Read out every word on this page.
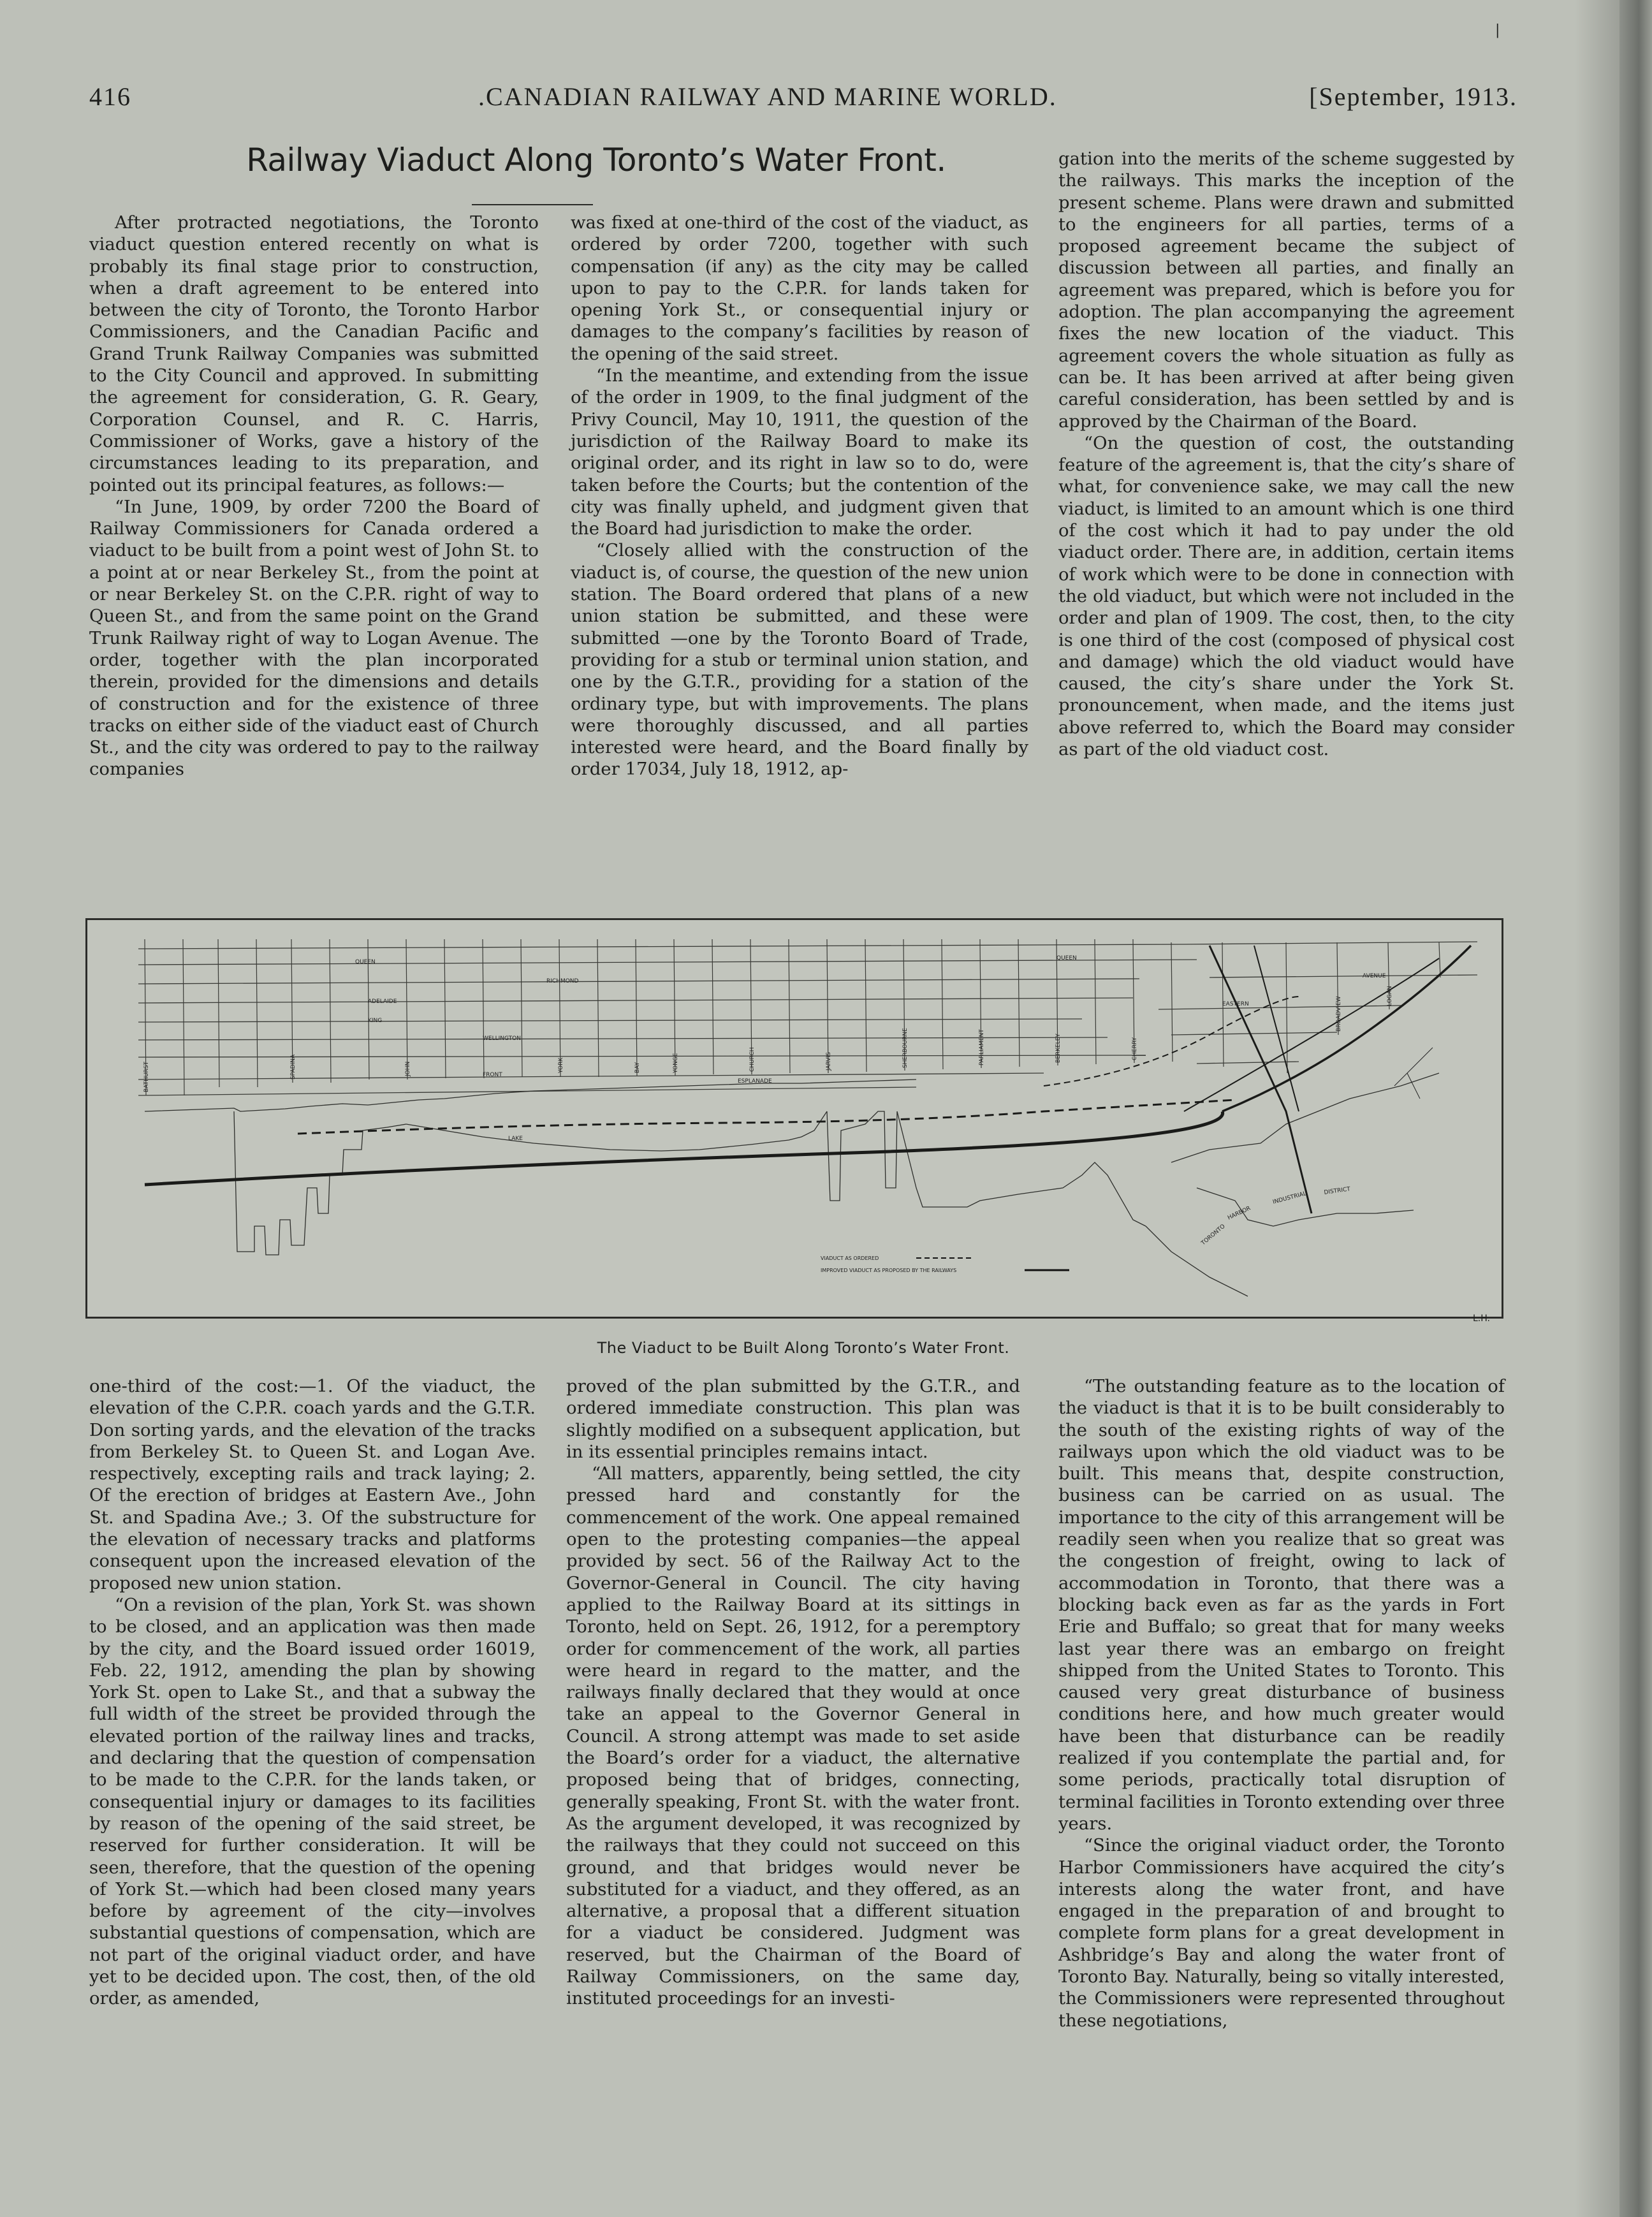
|
416	.CANADIAN RAILWAY AND MARINE WORLD.	[September, 1913.
Railway Viaduct Along Toronto’s Water Front.

After protracted negotiations, the Toronto viaduct question entered recently on what is probably its final stage prior to construction, when a draft agreement to be entered into between the city of Toronto, the Toronto Harbor Commissioners, and the Canadian Pacific and Grand Trunk Railway Companies was submitted to the City Council and approved. In submitting the agreement for consideration, G. R. Geary, Corporation Counsel, and R. C. Harris, Commissioner of Works, gave a history of the circumstances leading to its preparation, and pointed out its principal features, as follows:—

“In June, 1909, by order 7200 the Board of Railway Commissioners for Canada ordered a viaduct to be built from a point west of John St. to a point at or near Berkeley St., from the point at or near Berkeley St. on the C.P.R. right of way to Queen St., and from the same point on the Grand Trunk Railway right of way to Logan Avenue. The order, together with the plan incorporated therein, provided for the dimensions and details of construction and for the existence of three tracks on either side of the viaduct east of Church St., and the city was ordered to pay to the railway companies

was fixed at one-third of the cost of the viaduct, as ordered by order 7200, together with such compensation (if any) as the city may be called upon to pay to the C.P.R. for lands taken for opening York St., or consequential injury or damages to the company’s facilities by reason of the opening of the said street.

“In the meantime, and extending from the issue of the order in 1909, to the final judgment of the Privy Council, May 10, 1911, the question of the jurisdiction of the Railway Board to make its original order, and its right in law so to do, were taken before the Courts; but the contention of the city was finally upheld, and judgment given that the Board had jurisdiction to make the order.

“Closely allied with the construction of the viaduct is, of course, the question of the new union station. The Board ordered that plans of a new union station be submitted, and these were submitted —one by the Toronto Board of Trade, providing for a stub or terminal union station, and one by the G.T.R., providing for a station of the ordinary type, but with improvements. The plans were thoroughly discussed, and all parties interested were heard, and the Board finally by order 17034, July 18, 1912, ap-

gation into the merits of the scheme suggested by the railways. This marks the inception of the present scheme. Plans were drawn and submitted to the engineers for all parties, terms of a proposed agreement became the subject of discussion between all parties, and finally an agreement was prepared, which is before you for adoption. The plan accompanying the agreement fixes the new location of the viaduct. This agreement covers the whole situation as fully as can be. It has been arrived at after being given careful consideration, has been settled by and is approved by the Chairman of the Board.

“On the question of cost, the outstanding feature of the agreement is, that the city’s share of what, for convenience sake, we may call the new viaduct, is limited to an amount which is one third of the cost which it had to pay under the old viaduct order. There are, in addition, certain items of work which were to be done in connection with the old viaduct, but which were not included in the order and plan of 1909. The cost, then, to the city is one third of the cost (composed of physical cost and damage) which the old viaduct would have caused, the city’s share under the York St. pronouncement, when made, and the items just above referred to, which the Board may consider as part of the old viaduct cost.

VIADUCT AS ORDERED
IMPROVED VIADUCT AS PROPOSED BY THE RAILWAYS
QUEEN
QUEEN
RICHMOND
ADELAIDE
KING
WELLINGTON
FRONT
ESPLANADE
LAKE
EASTERN
AVENUE
BATHURST	SPADINA	JOHN	YORK	BAY	YONGE	CHURCH	JARVIS	SHERBOURNE	PARLIAMENT	BERKELEY	CHERRY
LOGAN
BROADVIEW
HARBOR
INDUSTRIAL	DISTRICT
TORONTO
L.H.
The Viaduct to be Built Along Toronto’s Water Front.

one-third of the cost:—1. Of the viaduct, the elevation of the C.P.R. coach yards and the G.T.R. Don sorting yards, and the elevation of the tracks from Berkeley St. to Queen St. and Logan Ave. respectively, excepting rails and track laying; 2. Of the erection of bridges at Eastern Ave., John St. and Spadina Ave.; 3. Of the substructure for the elevation of necessary tracks and platforms consequent upon the increased elevation of the proposed new union station.

“On a revision of the plan, York St. was shown to be closed, and an application was then made by the city, and the Board issued order 16019, Feb. 22, 1912, amending the plan by showing York St. open to Lake St., and that a subway the full width of the street be provided through the elevated portion of the railway lines and tracks, and declaring that the question of compensation to be made to the C.P.R. for the lands taken, or consequential injury or damages to its facilities by reason of the opening of the said street, be reserved for further consideration. It will be seen, therefore, that the question of the opening of York St.—which had been closed many years before by agreement of the city—involves substantial questions of compensation, which are not part of the original viaduct order, and have yet to be decided upon. The cost, then, of the old order, as amended,

proved of the plan submitted by the G.T.R., and ordered immediate construction. This plan was slightly modified on a subsequent application, but in its essential principles remains intact.

“All matters, apparently, being settled, the city pressed hard and constantly for the commencement of the work. One appeal remained open to the protesting companies—the appeal provided by sect. 56 of the Railway Act to the Governor-General in Council. The city having applied to the Railway Board at its sittings in Toronto, held on Sept. 26, 1912, for a peremptory order for commencement of the work, all parties were heard in regard to the matter, and the railways finally declared that they would at once take an appeal to the Governor General in Council. A strong attempt was made to set aside the Board’s order for a viaduct, the alternative proposed being that of bridges, connecting, generally speaking, Front St. with the water front. As the argument developed, it was recognized by the railways that they could not succeed on this ground, and that bridges would never be substituted for a viaduct, and they offered, as an alternative, a proposal that a different situation for a viaduct be considered. Judgment was reserved, but the Chairman of the Board of Railway Commissioners, on the same day, instituted proceedings for an investi-

“The outstanding feature as to the location of the viaduct is that it is to be built considerably to the south of the existing rights of way of the railways upon which the old viaduct was to be built. This means that, despite construction, business can be carried on as usual. The importance to the city of this arrangement will be readily seen when you realize that so great was the congestion of freight, owing to lack of accommodation in Toronto, that there was a blocking back even as far as the yards in Fort Erie and Buffalo; so great that for many weeks last year there was an embargo on freight shipped from the United States to Toronto. This caused very great disturbance of business conditions here, and how much greater would have been that disturbance can be readily realized if you contemplate the partial and, for some periods, practically total disruption of terminal facilities in Toronto extending over three years.

“Since the original viaduct order, the Toronto Harbor Commissioners have acquired the city’s interests along the water front, and have engaged in the preparation of and brought to complete form plans for a great development in Ashbridge’s Bay and along the water front of Toronto Bay. Naturally, being so vitally interested, the Commissioners were represented throughout these negotiations,
